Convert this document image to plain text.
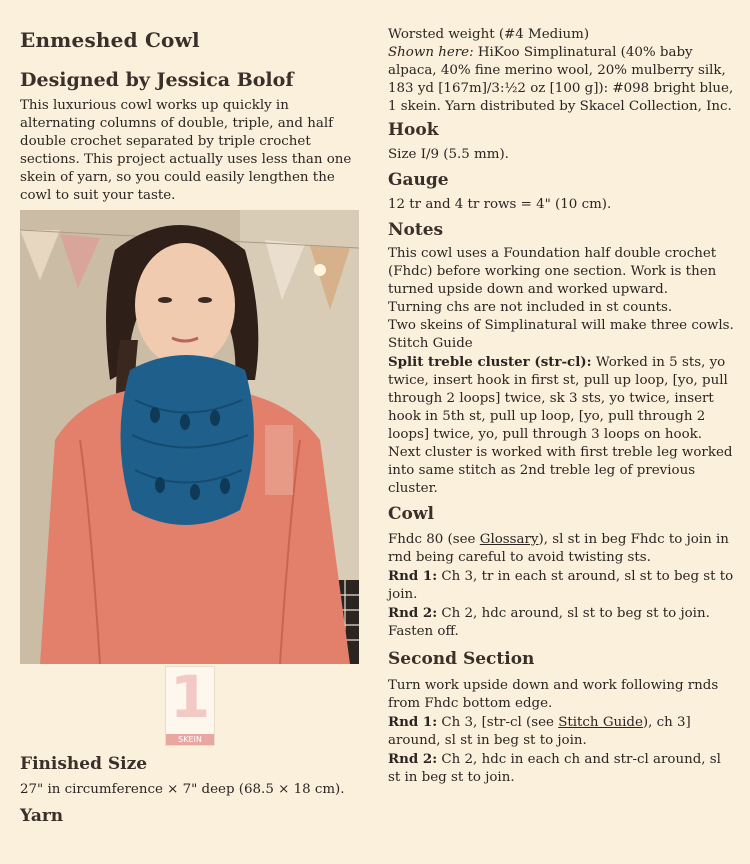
Enmeshed Cowl
Designed by Jessica Bolof

This luxurious cowl works up quickly in alternating columns of double, triple, and half double crochet separated by triple crochet sections. This project actually uses less than one skein of yarn, so you could easily lengthen the cowl to suit your taste.

1
SKEIN
Finished Size
27" in circumference × 7" deep (68.5 × 18 cm).
Yarn

Worsted weight (#4 Medium)

Shown here: HiKoo Simplinatural (40% baby alpaca, 40% fine merino wool, 20% mulberry silk, 183 yd [167m]/3:½2 oz [100 g]): #098 bright blue, 1 skein. Yarn distributed by Skacel Collection, Inc.

Hook

Size I/9 (5.5 mm).

Gauge

12 tr and 4 tr rows = 4" (10 cm).

Notes

This cowl uses a Foundation half double crochet (Fhdc) before working one section. Work is then turned upside down and worked upward.

Turning chs are not included in st counts.

Two skeins of Simplinatural will make three cowls.

Stitch Guide

Split treble cluster (str-cl): Worked in 5 sts, yo twice, insert hook in first st, pull up loop, [yo, pull through 2 loops] twice, sk 3 sts, yo twice, insert hook in 5th st, pull up loop, [yo, pull through 2 loops] twice, yo, pull through 3 loops on hook. Next cluster is worked with first treble leg worked into same stitch as 2nd treble leg of previous cluster.

Cowl

Fhdc 80 (see Glossary), sl st in beg Fhdc to join in rnd being careful to avoid twisting sts.

Rnd 1: Ch 3, tr in each st around, sl st to beg st to join.

Rnd 2: Ch 2, hdc around, sl st to beg st to join. Fasten off.

Second Section

Turn work upside down and work following rnds from Fhdc bottom edge.

Rnd 1: Ch 3, [str-cl (see Stitch Guide), ch 3] around, sl st in beg st to join.

Rnd 2: Ch 2, hdc in each ch and str-cl around, sl st in beg st to join.
